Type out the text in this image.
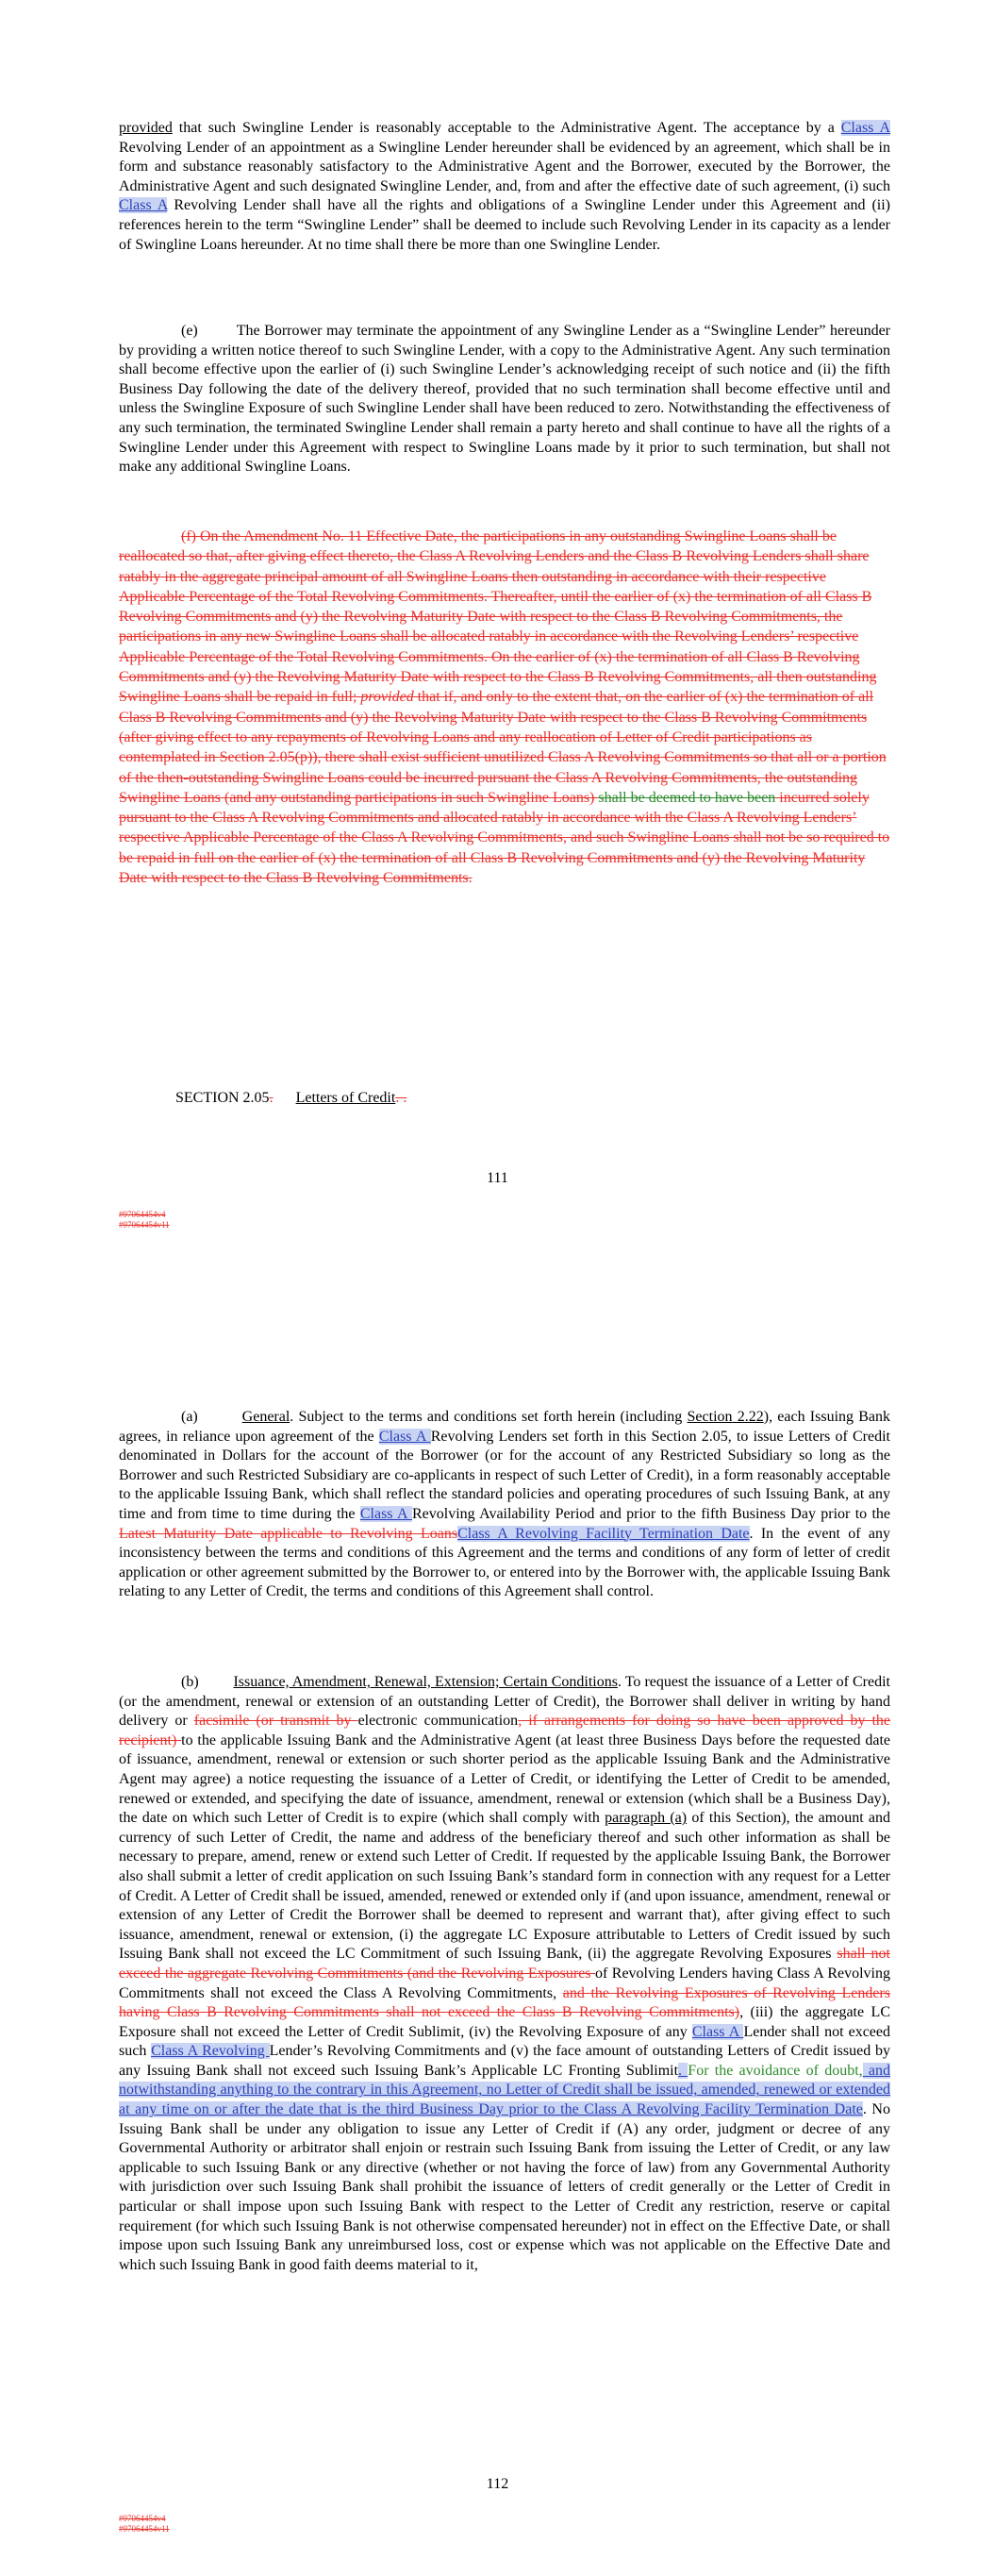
provided that such Swingline Lender is reasonably acceptable to the Administrative Agent. The acceptance by a Class A Revolving Lender of an appointment as a Swingline Lender hereunder shall be evidenced by an agreement, which shall be in form and substance reasonably satisfactory to the Administrative Agent and the Borrower, executed by the Borrower, the Administrative Agent and such designated Swingline Lender, and, from and after the effective date of such agreement, (i) such Class A Revolving Lender shall have all the rights and obligations of a Swingline Lender under this Agreement and (ii) references herein to the term “Swingline Lender” shall be deemed to include such Revolving Lender in its capacity as a lender of Swingline Loans hereunder. At no time shall there be more than one Swingline Lender.

(e)         The Borrower may terminate the appointment of any Swingline Lender as a “Swingline Lender” hereunder by providing a written notice thereof to such Swingline Lender, with a copy to the Administrative Agent. Any such termination shall become effective upon the earlier of (i) such Swingline Lender’s acknowledging receipt of such notice and (ii) the fifth Business Day following the date of the delivery thereof, provided that no such termination shall become effective until and unless the Swingline Exposure of such Swingline Lender shall have been reduced to zero. Notwithstanding the effectiveness of any such termination, the terminated Swingline Lender shall remain a party hereto and shall continue to have all the rights of a Swingline Lender under this Agreement with respect to Swingline Loans made by it prior to such termination, but shall not make any additional Swingline Loans.

(f) On the Amendment No. 11 Effective Date, the participations in any outstanding Swingline Loans shall be reallocated so that, after giving effect thereto, the Class A Revolving Lenders and the Class B Revolving Lenders shall share ratably in the aggregate principal amount of all Swingline Loans then outstanding in accordance with their respective Applicable Percentage of the Total Revolving Commitments. Thereafter, until the earlier of (x) the termination of all Class B Revolving Commitments and (y) the Revolving Maturity Date with respect to the Class B Revolving Commitments, the participations in any new Swingline Loans shall be allocated ratably in accordance with the Revolving Lenders’ respective Applicable Percentage of the Total Revolving Commitments. On the earlier of (x) the termination of all Class B Revolving Commitments and (y) the Revolving Maturity Date with respect to the Class B Revolving Commitments, all then outstanding Swingline Loans shall be repaid in full; provided that if, and only to the extent that, on the earlier of (x) the termination of all Class B Revolving Commitments and (y) the Revolving Maturity Date with respect to the Class B Revolving Commitments (after giving effect to any repayments of Revolving Loans and any reallocation of Letter of Credit participations as contemplated in Section 2.05(p)), there shall exist sufficient unutilized Class A Revolving Commitments so that all or a portion of the then-outstanding Swingline Loans could be incurred pursuant the Class A Revolving Commitments, the outstanding Swingline Loans (and any outstanding participations in such Swingline Loans) shall be deemed to have been incurred solely pursuant to the Class A Revolving Commitments and allocated ratably in accordance with the Class A Revolving Lenders’ respective Applicable Percentage of the Class A Revolving Commitments, and such Swingline Loans shall not be so required to be repaid in full on the earlier of (x) the termination of all Class B Revolving Commitments and (y) the Revolving Maturity Date with respect to the Class B Revolving Commitments.

SECTION 2.05. Letters of Credit. .
111
#97064454v4
#97064454v11

(a)         General. Subject to the terms and conditions set forth herein (including Section 2.22), each Issuing Bank agrees, in reliance upon agreement of the Class A Revolving Lenders set forth in this Section 2.05, to issue Letters of Credit denominated in Dollars for the account of the Borrower (or for the account of any Restricted Subsidiary so long as the Borrower and such Restricted Subsidiary are co-applicants in respect of such Letter of Credit), in a form reasonably acceptable to the applicable Issuing Bank, which shall reflect the standard policies and operating procedures of such Issuing Bank, at any time and from time to time during the Class A Revolving Availability Period and prior to the fifth Business Day prior to the Latest Maturity Date applicable to Revolving LoansClass A Revolving Facility Termination Date. In the event of any inconsistency between the terms and conditions of this Agreement and the terms and conditions of any form of letter of credit application or other agreement submitted by the Borrower to, or entered into by the Borrower with, the applicable Issuing Bank relating to any Letter of Credit, the terms and conditions of this Agreement shall control.

(b)         Issuance, Amendment, Renewal, Extension; Certain Conditions. To request the issuance of a Letter of Credit (or the amendment, renewal or extension of an outstanding Letter of Credit), the Borrower shall deliver in writing by hand delivery or facsimile (or transmit by electronic communication, if arrangements for doing so have been approved by the recipient) to the applicable Issuing Bank and the Administrative Agent (at least three Business Days before the requested date of issuance, amendment, renewal or extension or such shorter period as the applicable Issuing Bank and the Administrative Agent may agree) a notice requesting the issuance of a Letter of Credit, or identifying the Letter of Credit to be amended, renewed or extended, and specifying the date of issuance, amendment, renewal or extension (which shall be a Business Day), the date on which such Letter of Credit is to expire (which shall comply with paragraph (a) of this Section), the amount and currency of such Letter of Credit, the name and address of the beneficiary thereof and such other information as shall be necessary to prepare, amend, renew or extend such Letter of Credit. If requested by the applicable Issuing Bank, the Borrower also shall submit a letter of credit application on such Issuing Bank’s standard form in connection with any request for a Letter of Credit. A Letter of Credit shall be issued, amended, renewed or extended only if (and upon issuance, amendment, renewal or extension of any Letter of Credit the Borrower shall be deemed to represent and warrant that), after giving effect to such issuance, amendment, renewal or extension, (i) the aggregate LC Exposure attributable to Letters of Credit issued by such Issuing Bank shall not exceed the LC Commitment of such Issuing Bank, (ii) the aggregate Revolving Exposures shall not exceed the aggregate Revolving Commitments (and the Revolving Exposures of Revolving Lenders having Class A Revolving Commitments shall not exceed the Class A Revolving Commitments, and the Revolving Exposures of Revolving Lenders having Class B Revolving Commitments shall not exceed the Class B Revolving Commitments), (iii) the aggregate LC Exposure shall not exceed the Letter of Credit Sublimit, (iv) the Revolving Exposure of any Class A Lender shall not exceed such Class A Revolving Lender’s Revolving Commitments and (v) the face amount of outstanding Letters of Credit issued by any Issuing Bank shall not exceed such Issuing Bank’s Applicable LC Fronting Sublimit. For the avoidance of doubt, and notwithstanding anything to the contrary in this Agreement, no Letter of Credit shall be issued, amended, renewed or extended at any time on or after the date that is the third Business Day prior to the Class A Revolving Facility Termination Date. No Issuing Bank shall be under any obligation to issue any Letter of Credit if (A) any order, judgment or decree of any Governmental Authority or arbitrator shall enjoin or restrain such Issuing Bank from issuing the Letter of Credit, or any law applicable to such Issuing Bank or any directive (whether or not having the force of law) from any Governmental Authority with jurisdiction over such Issuing Bank shall prohibit the issuance of letters of credit generally or the Letter of Credit in particular or shall impose upon such Issuing Bank with respect to the Letter of Credit any restriction, reserve or capital requirement (for which such Issuing Bank is not otherwise compensated hereunder) not in effect on the Effective Date, or shall impose upon such Issuing Bank any unreimbursed loss, cost or expense which was not applicable on the Effective Date and which such Issuing Bank in good faith deems material to it,

112
#97064454v4
#97064454v11
